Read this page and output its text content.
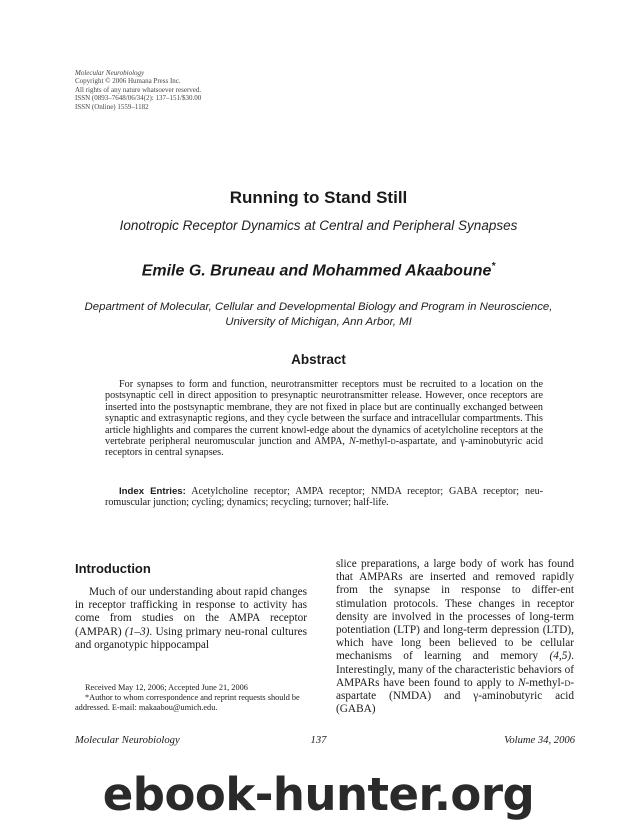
Molecular Neurobiology
Copyright © 2006 Humana Press Inc.
All rights of any nature whatsoever reserved.
ISSN (0893–7648/06/34(2): 137–151/$30.00
ISSN (Online) 1559–1182
Running to Stand Still
Ionotropic Receptor Dynamics at Central and Peripheral Synapses
Emile G. Bruneau and Mohammed Akaaboune*
Department of Molecular, Cellular and Developmental Biology and Program in Neuroscience,
University of Michigan, Ann Arbor, MI
Abstract
For synapses to form and function, neurotransmitter receptors must be recruited to a location on the postsynaptic cell in direct apposition to presynaptic neurotransmitter release. However, once receptors are inserted into the postsynaptic membrane, they are not fixed in place but are continually exchanged between synaptic and extrasynaptic regions, and they cycle between the surface and intracellular compartments. This article highlights and compares the current knowl-edge about the dynamics of acetylcholine receptors at the vertebrate peripheral neuromuscular junction and AMPA, N-methyl-d-aspartate, and γ-aminobutyric acid receptors in central synapses.
Index Entries: Acetylcholine receptor; AMPA receptor; NMDA receptor; GABA receptor; neu-romuscular junction; cycling; dynamics; recycling; turnover; half-life.
Introduction
Much of our understanding about rapid changes in receptor trafficking in response to activity has come from studies on the AMPA receptor (AMPAR) (1–3). Using primary neu-ronal cultures and organotypic hippocampal
slice preparations, a large body of work has found that AMPARs are inserted and removed rapidly from the synapse in response to differ-ent stimulation protocols. These changes in receptor density are involved in the processes of long-term potentiation (LTP) and long-term depression (LTD), which have long been believed to be cellular mechanisms of learning and memory (4,5). Interestingly, many of the characteristic behaviors of AMPARs have been found to apply to N-methyl-d-aspartate (NMDA) and γ-aminobutyric acid (GABA)
Received May 12, 2006; Accepted June 21, 2006
*Author to whom correspondence and reprint requests should be addressed. E-mail: makaabou@umich.edu.
Molecular Neurobiology	137	Volume 34, 2006
ebook-hunter.org
